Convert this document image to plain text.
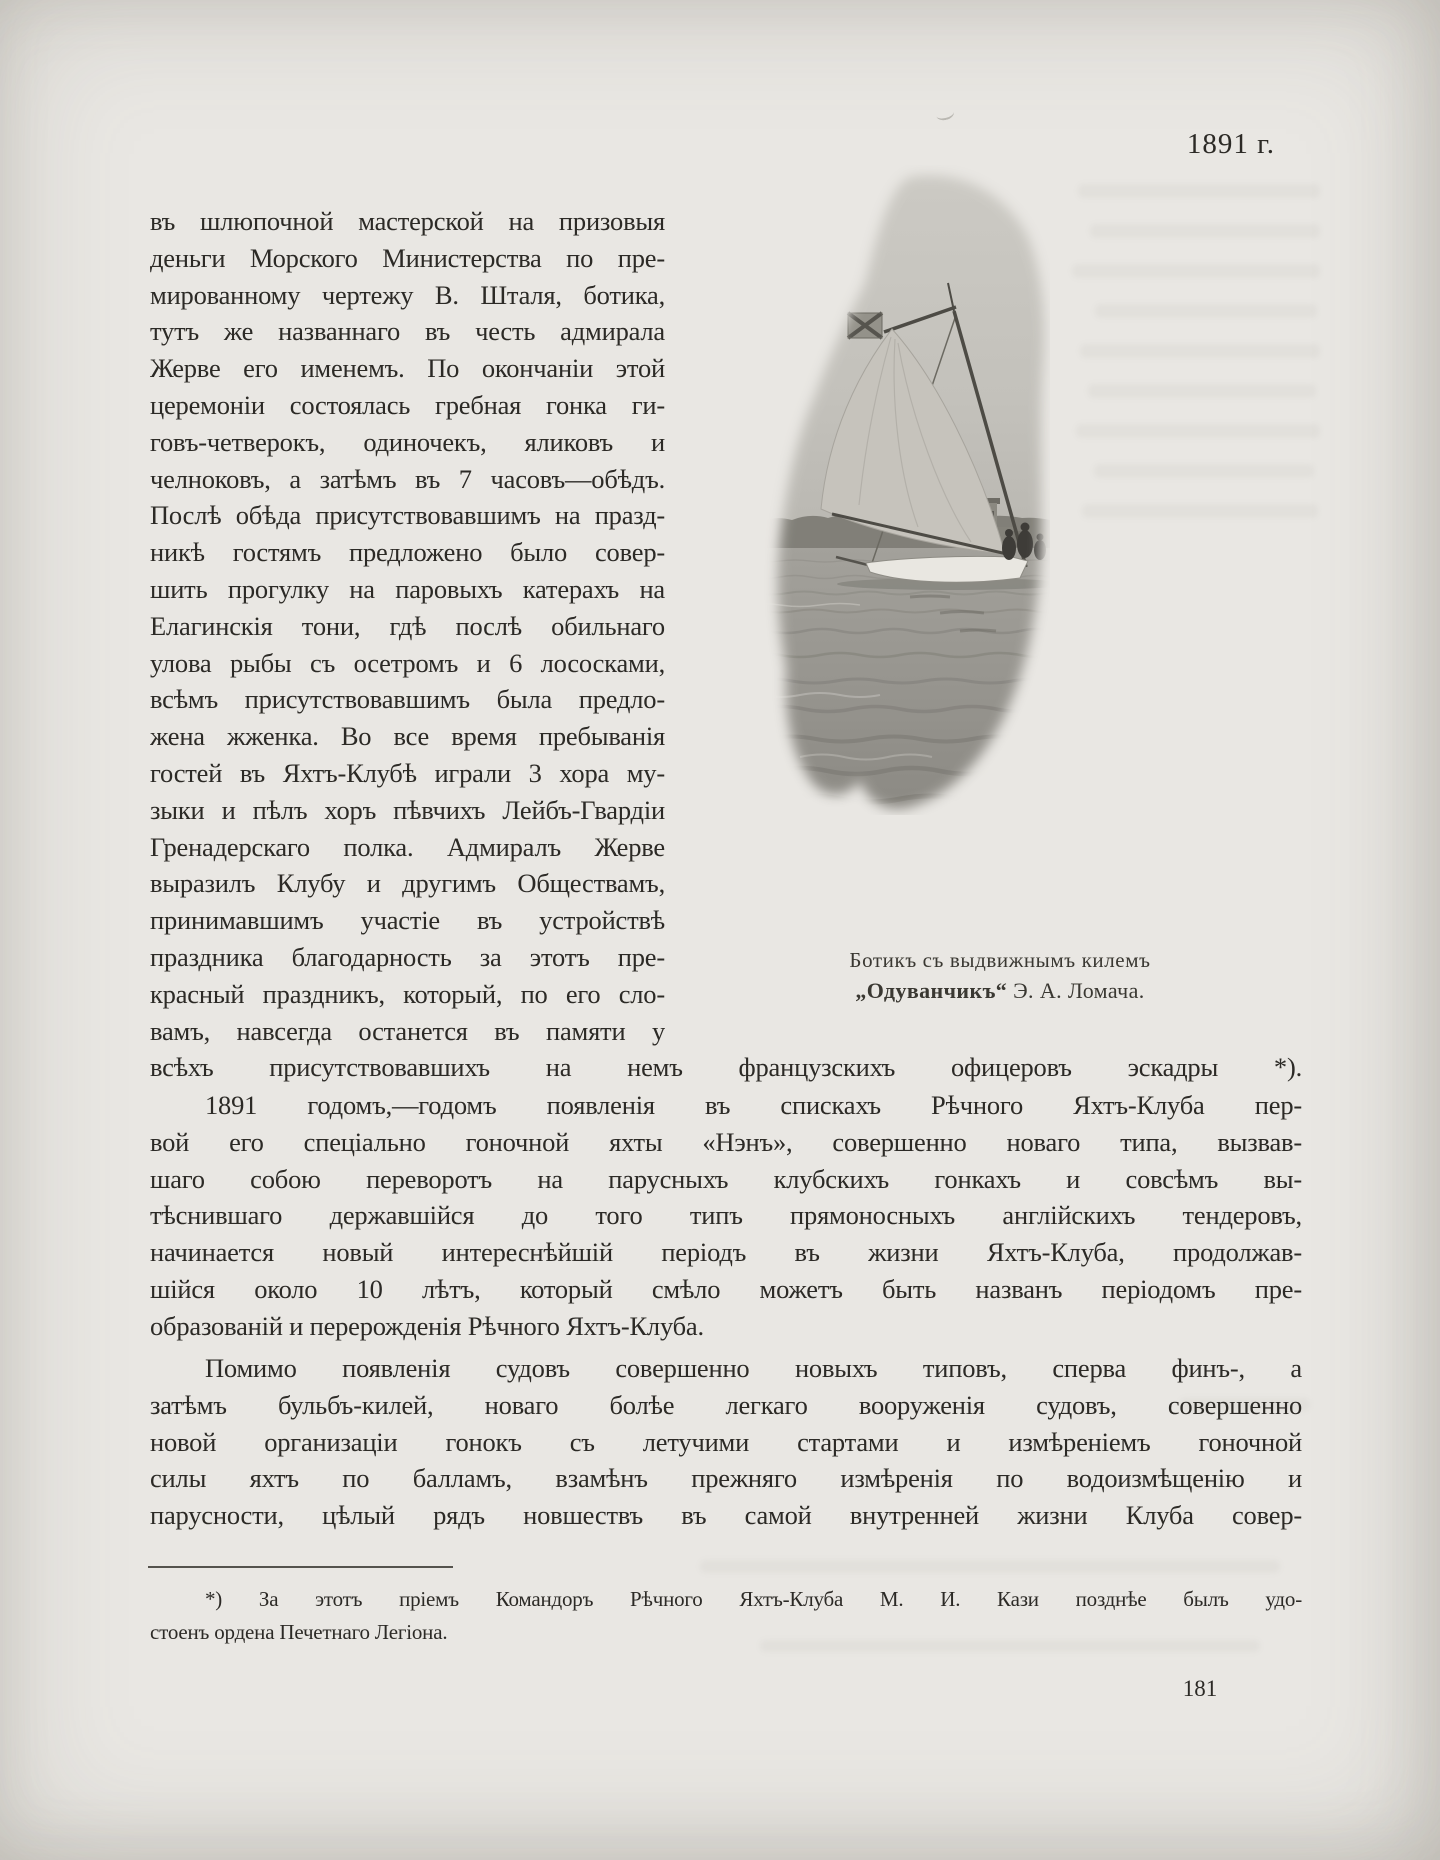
1891 г.
въ шлюпочной мастерской на призовыя
деньги Морского Министерства по пре-
мированному чертежу В. Шталя, ботика,
тутъ же названнаго въ честь адмирала
Жерве его именемъ. По окончаніи этой
церемоніи состоялась гребная гонка ги-
говъ-четверокъ, одиночекъ, яликовъ и
челноковъ, а затѣмъ въ 7 часовъ—обѣдъ.
Послѣ обѣда присутствовавшимъ на празд-
никѣ гостямъ предложено было совер-
шить прогулку на паровыхъ катерахъ на
Елагинскія тони, гдѣ послѣ обильнаго
улова рыбы съ осетромъ и 6 лососками,
всѣмъ присутствовавшимъ была предло-
жена жженка. Во все время пребыванія
гостей въ Яхтъ-Клубѣ играли 3 хора му-
зыки и пѣлъ хоръ пѣвчихъ Лейбъ-Гвардіи
Гренадерскаго полка. Адмиралъ Жерве
выразилъ Клубу и другимъ Обществамъ,
принимавшимъ участіе въ устройствѣ
праздника благодарность за этотъ пре-
красный праздникъ, который, по его сло-
вамъ, навсегда останется въ памяти у
Ботикъ съ выдвижнымъ килемъ
„Одуванчикъ“ Э. А. Ломача.
всѣхъ присутствовавшихъ на немъ французскихъ офицеровъ эскадры *).
1891 годомъ,—годомъ появленія въ спискахъ Рѣчного Яхтъ-Клуба пер-
вой его спеціально гоночной яхты «Нэнъ», совершенно новаго типа, вызвав-
шаго собою переворотъ на парусныхъ клубскихъ гонкахъ и совсѣмъ вы-
тѣснившаго державшійся до того типъ прямоносныхъ англійскихъ тендеровъ,
начинается новый интереснѣйшій періодъ въ жизни Яхтъ-Клуба, продолжав-
шійся около 10 лѣтъ, который смѣло можетъ быть названъ періодомъ пре-
образованій и перерожденія Рѣчного Яхтъ-Клуба.
Помимо появленія судовъ совершенно новыхъ типовъ, сперва финъ-, а
затѣмъ бульбъ-килей, новаго болѣе легкаго вооруженія судовъ, совершенно
новой организаціи гонокъ съ летучими стартами и измѣреніемъ гоночной
силы яхтъ по балламъ, взамѣнъ прежняго измѣренія по водоизмѣщенію и
парусности, цѣлый рядъ новшествъ въ самой внутренней жизни Клуба совер-
*) За этотъ пріемъ Командоръ Рѣчного Яхтъ-Клуба М. И. Кази позднѣе былъ удо-
стоенъ ордена Печетнаго Легіона.
181
